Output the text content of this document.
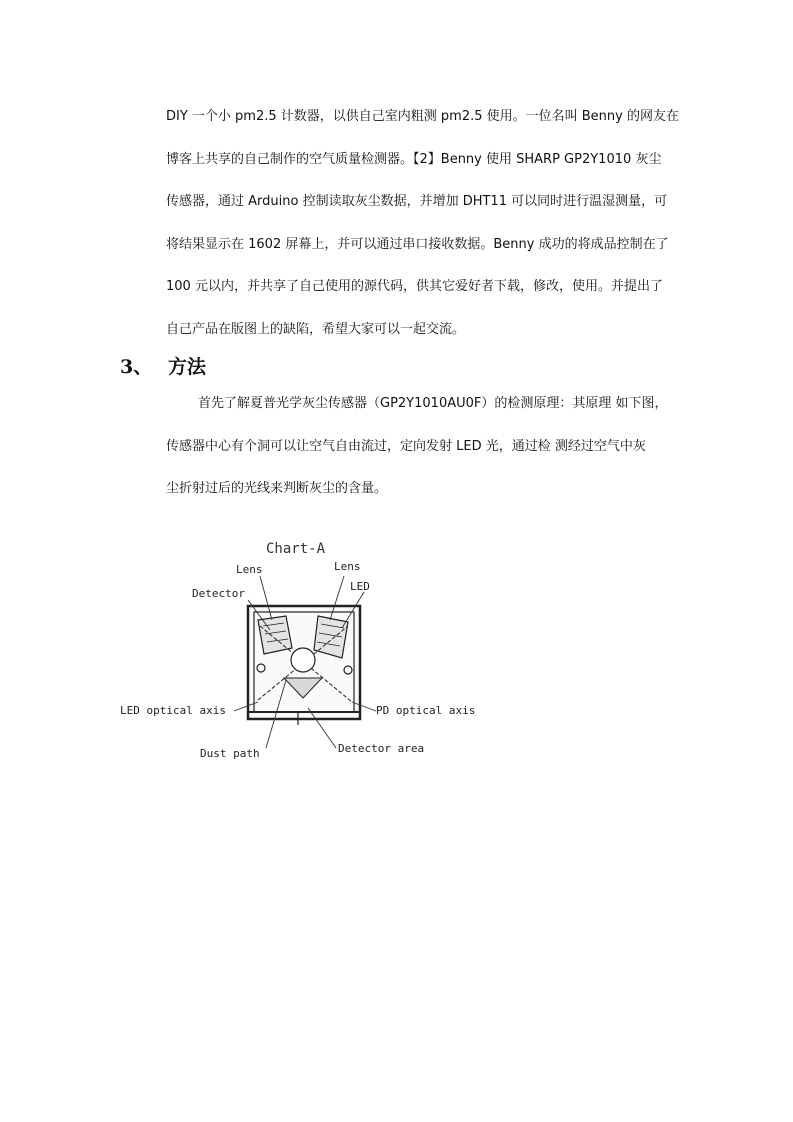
DIY 一个小 pm2.5 计数器，以供自己室内粗测 pm2.5 使用。一位名叫 Benny 的网友在
博客上共享的自己制作的空气质量检测器。【2】Benny 使用 SHARP GP2Y1010 灰尘
传感器，通过 Arduino 控制读取灰尘数据，并增加 DHT11 可以同时进行温湿测量，可
将结果显示在 1602 屏幕上，并可以通过串口接收数据。Benny 成功的将成品控制在了
100 元以内，并共享了自己使用的源代码，供其它爱好者下载，修改，使用。并提出了
自己产品在版图上的缺陷，希望大家可以一起交流。

3、 方法

首先了解夏普光学灰尘传感器（GP2Y1010AU0F）的检测原理：其原理 如下图，
传感器中心有个洞可以让空气自由流过，定向发射 LED 光，通过检 测经过空气中灰
尘折射过后的光线来判断灰尘的含量。

Chart-A
Lens	Lens
LED
Detector
LED optical axis	PD optical axis
Dust path	Detector area
